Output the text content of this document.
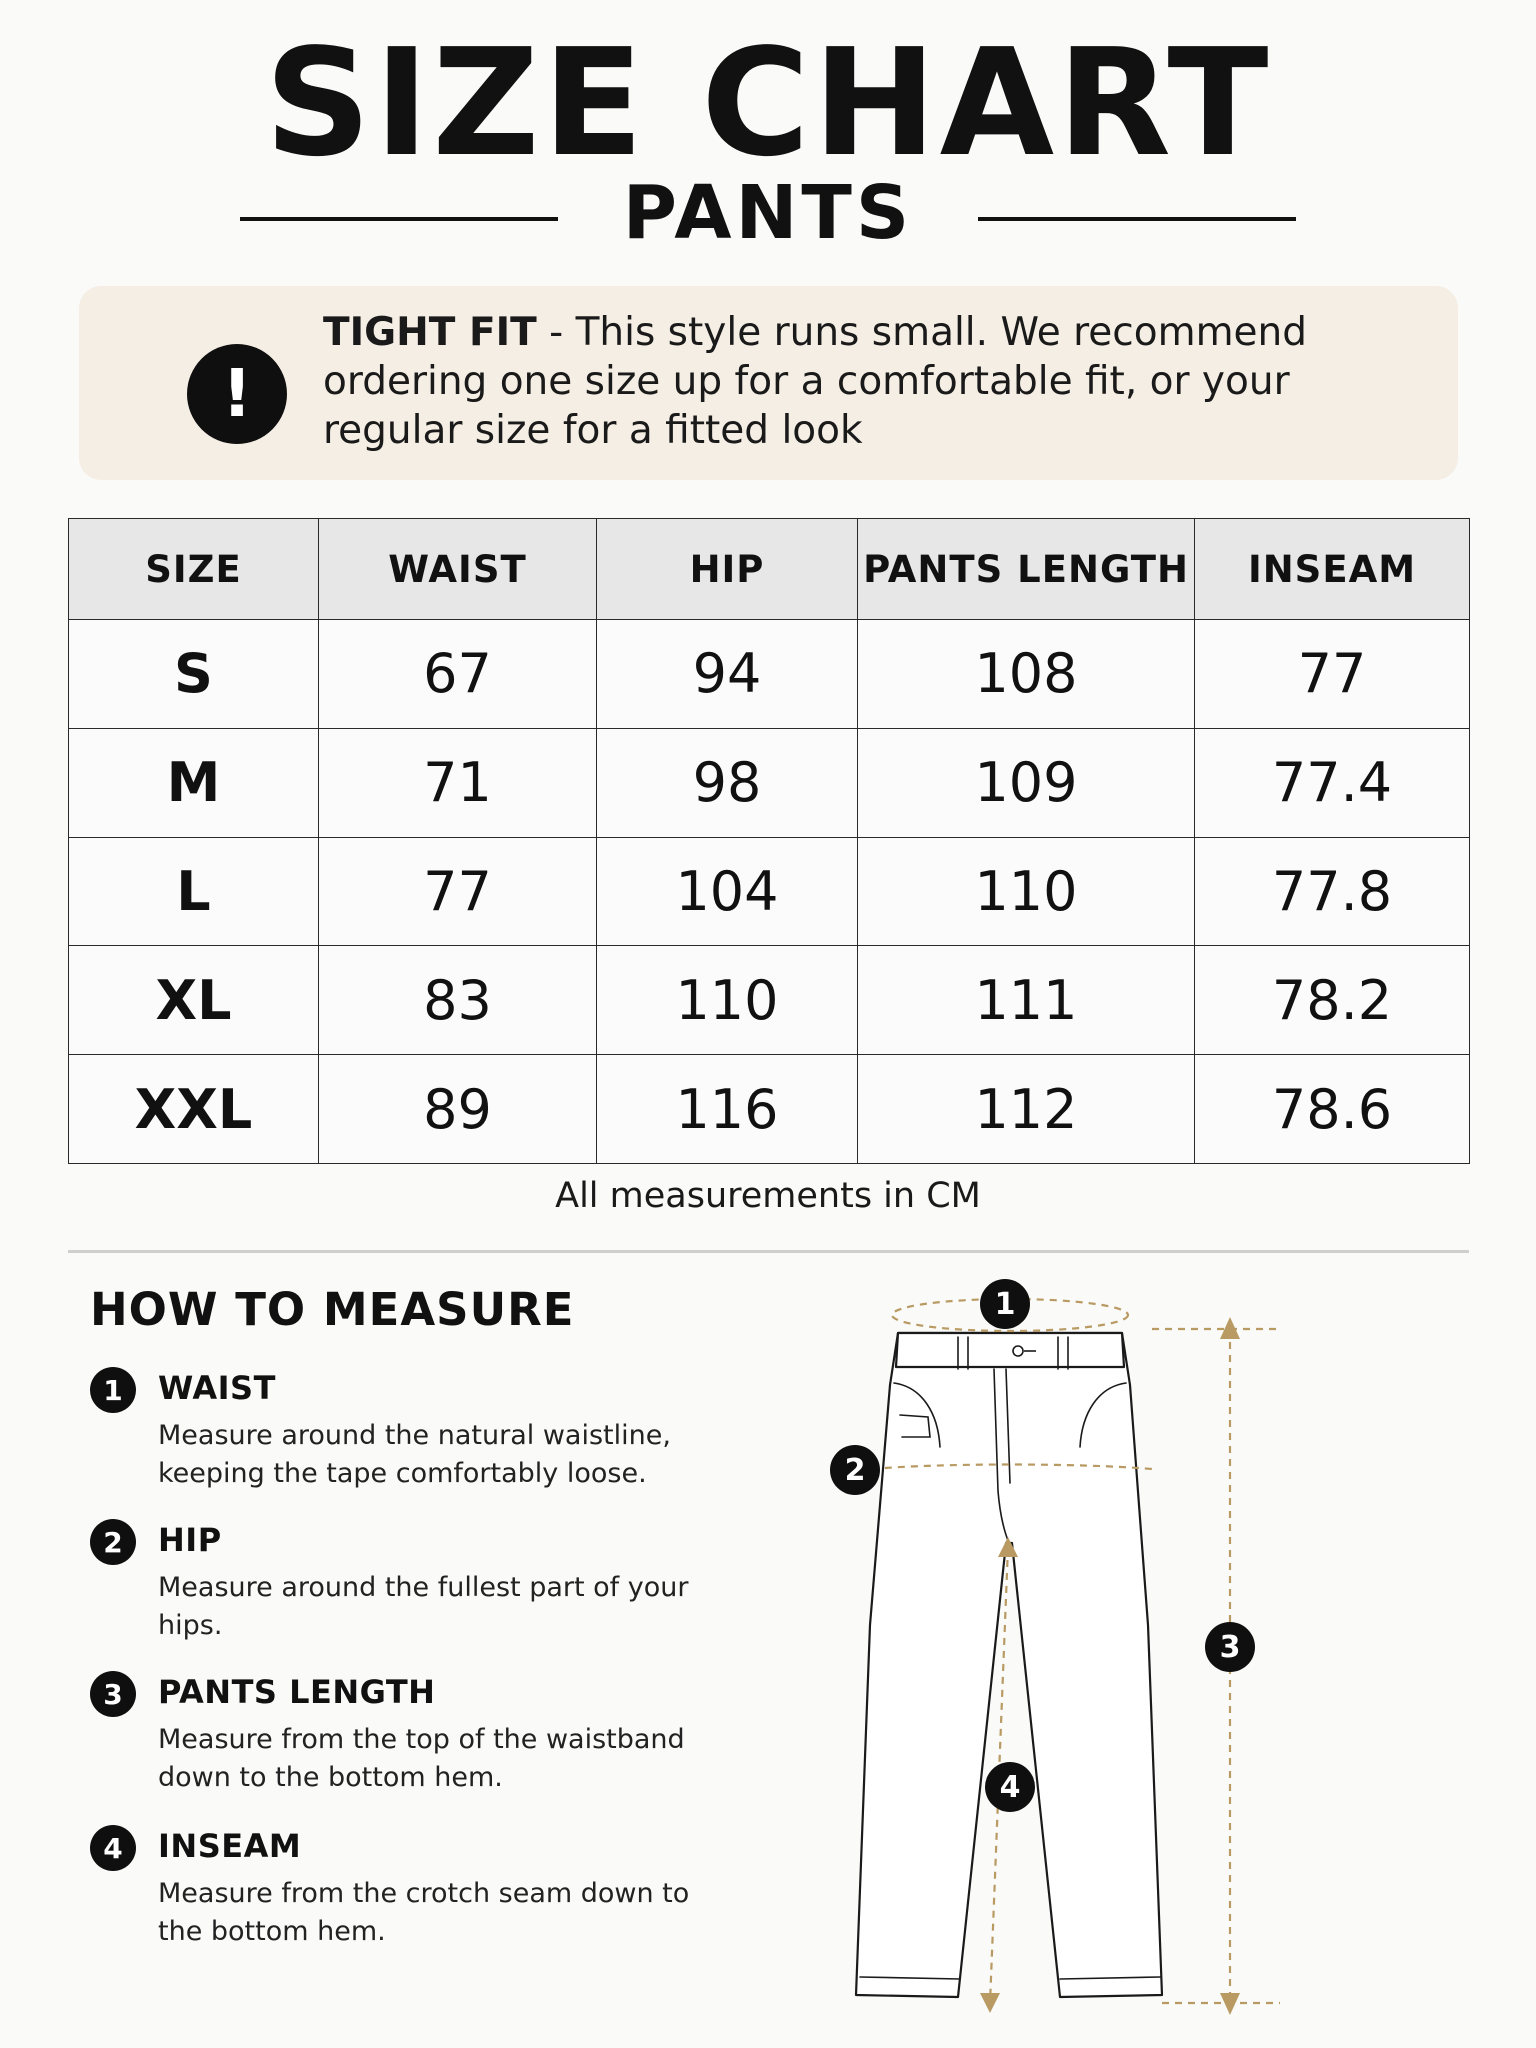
SIZE CHART
PANTS
!
TIGHT FIT - This style runs small. We recommend ordering one size up for a comfortable fit, or your regular size for a fitted look
SIZE	WAIST	HIP	PANTS LENGTH	INSEAM
S	67	94	108	77
M	71	98	109	77.4
L	77	104	110	77.8
XL	83	110	111	78.2
XXL	89	116	112	78.6
All measurements in CM
HOW TO MEASURE
1	WAIST
Measure around the natural waistline, keeping the tape comfortably loose.
2	HIP
Measure around the fullest part of your hips.
3	PANTS LENGTH
Measure from the top of the waistband down to the bottom hem.
4	INSEAM
Measure from the crotch seam down to the bottom hem.
1
2
3
4
